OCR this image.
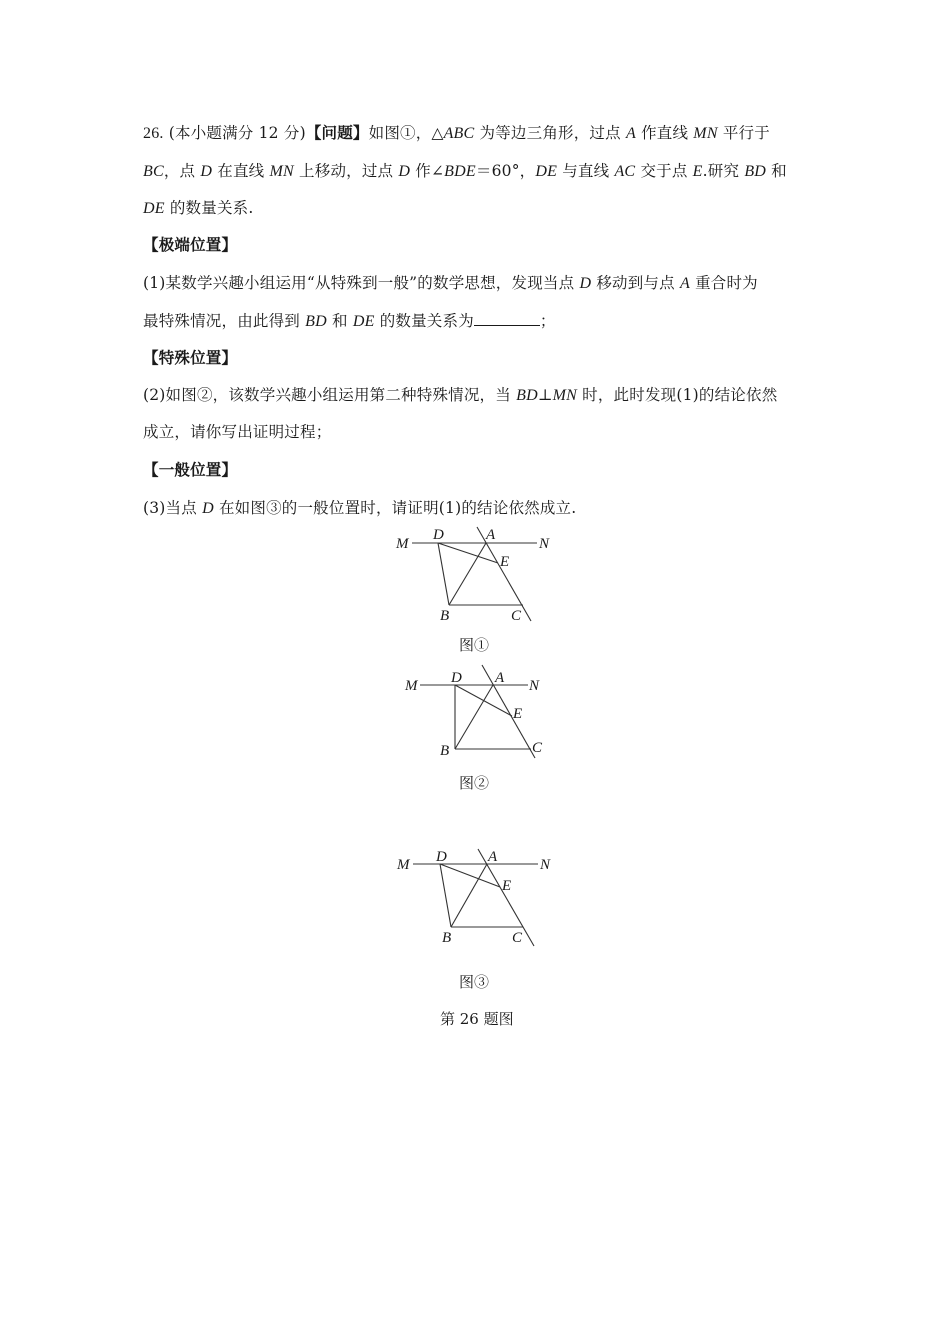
26. (本小题满分 12 分)【问题】如图①，△ABC 为等边三角形，过点 A 作直线 MN 平行于
BC，点 D 在直线 MN 上移动，过点 D 作∠BDE＝60°，DE 与直线 AC 交于点 E.研究 BD 和
DE 的数量关系.
【极端位置】
(1)某数学兴趣小组运用“从特殊到一般”的数学思想，发现当点 D 移动到与点 A 重合时为
最特殊情况，由此得到 BD 和 DE 的数量关系为	；
【特殊位置】
(2)如图②，该数学兴趣小组运用第二种特殊情况，当 BD⊥MN 时，此时发现(1)的结论依然
成立，请你写出证明过程；
【一般位置】
(3)当点 D 在如图③的一般位置时，请证明(1)的结论依然成立.
M
D	A
N
E
B	C
M D A N
E
B	C
M D	A	N
E
B	C
图①
图②
图③
第 26 题图
